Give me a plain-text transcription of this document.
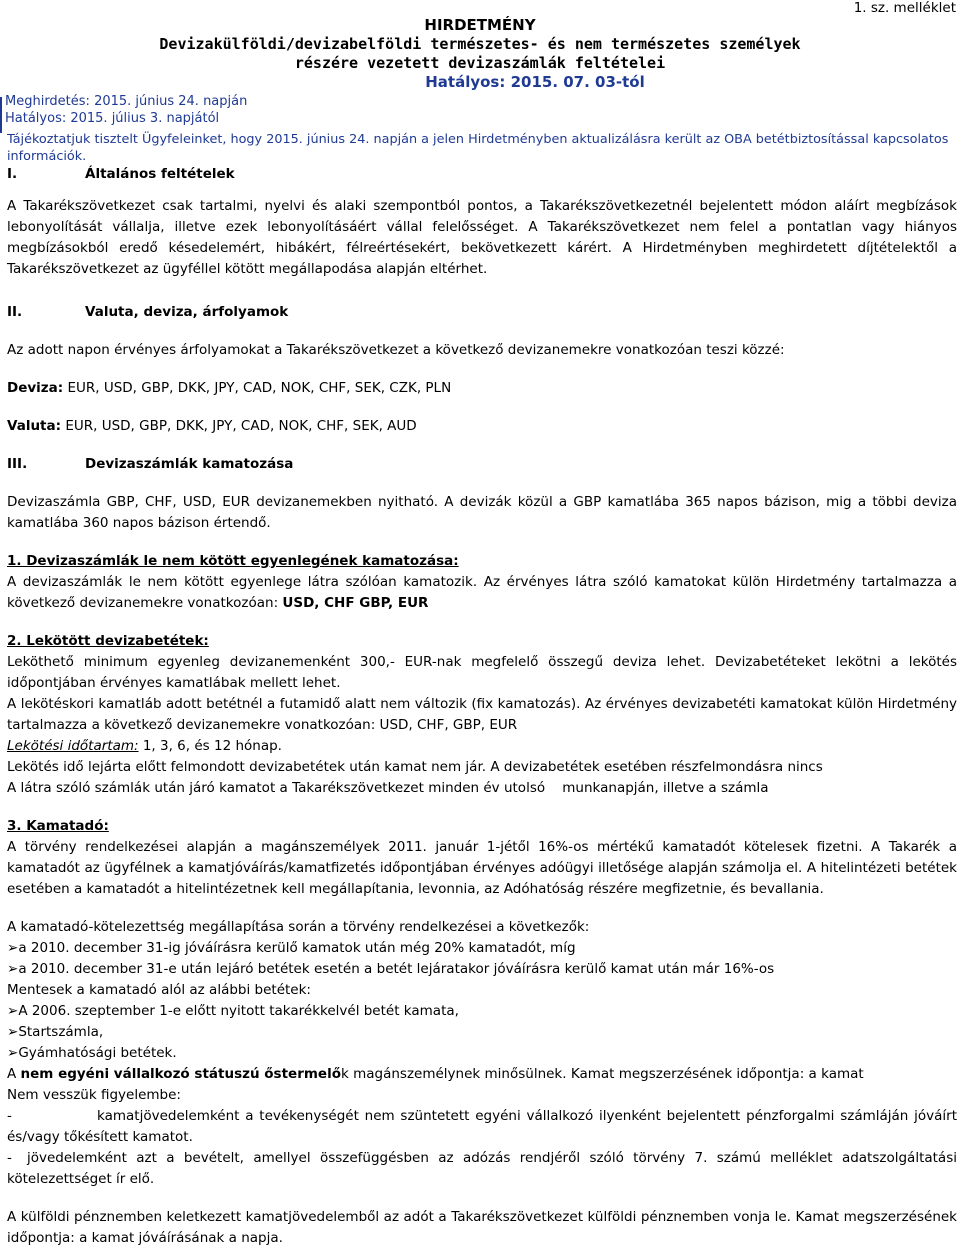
1. sz. melléklet
HIRDETMÉNY
Devizakülföldi/devizabelföldi természetes- és nem természetes személyek
részére vezetett devizaszámlák feltételei
Hatályos: 2015. 07. 03-tól
Meghirdetés: 2015. június 24. napján
Hatályos: 2015. július 3. napjától
Tájékoztatjuk tisztelt Ügyfeleinket, hogy 2015. június 24. napján a jelen Hirdetményben aktualizálásra került az OBA betétbiztosítással kapcsolatos információk.

I.	Általános feltételek

A Takarékszövetkezet csak tartalmi, nyelvi és alaki szempontból pontos, a Takarékszövetkezetnél bejelentett módon aláírt megbízások lebonyolítását vállalja, illetve ezek lebonyolításáért vállal felelősséget. A Takarékszövetkezet nem felel a pontatlan vagy hiányos megbízásokból eredő késedelemért, hibákért, félreértésekért, bekövetkezett kárért. A Hirdetményben meghirdetett díjtételektől a Takarékszövetkezet az ügyféllel kötött megállapodása alapján eltérhet.

II.	Valuta, deviza, árfolyamok

Az adott napon érvényes árfolyamokat a Takarékszövetkezet a következő devizanemekre vonatkozóan teszi közzé:

Deviza: EUR, USD, GBP, DKK, JPY, CAD, NOK, CHF, SEK, CZK, PLN

Valuta: EUR, USD, GBP, DKK, JPY, CAD, NOK, CHF, SEK, AUD

III.	Devizaszámlák kamatozása

Devizaszámla GBP, CHF, USD, EUR devizanemekben nyitható. A devizák közül a GBP kamatlába 365 napos bázison, mig a többi deviza kamatlába 360 napos bázison értendő.

1. Devizaszámlák le nem kötött egyenlegének kamatozása:

A devizaszámlák le nem kötött egyenlege látra szólóan kamatozik. Az érvényes látra szóló kamatokat külön Hirdetmény tartalmazza a következő devizanemekre vonatkozóan: USD, CHF GBP, EUR

2. Lekötött devizabetétek:

Leköthető minimum egyenleg devizanemenként 300,- EUR-nak megfelelő összegű deviza lehet. Devizabetéteket lekötni a lekötés időpontjában érvényes kamatlábak mellett lehet.

A lekötéskori kamatláb adott betétnél a futamidő alatt nem változik (fix kamatozás). Az érvényes devizabetéti kamatokat külön Hirdetmény tartalmazza a következő devizanemekre vonatkozóan: USD, CHF, GBP, EUR

Lekötési időtartam: 1, 3, 6, és 12 hónap.

Lekötés idő lejárta előtt felmondott devizabetétek után kamat nem jár. A devizabetétek esetében részfelmondásra nincs

A látra szóló számlák után járó kamatot a Takarékszövetkezet minden év utolsó    munkanapján, illetve a számla

3. Kamatadó:

A törvény rendelkezései alapján a magánszemélyek 2011. január 1-jétől 16%-os mértékű kamatadót kötelesek fizetni. A Takarék a kamatadót az ügyfélnek a kamatjóváírás/kamatfizetés időpontjában érvényes adóügyi illetősége alapján számolja el. A hitelintézeti betétek esetében a kamatadót a hitelintézetnek kell megállapítania, levonnia, az Adóhatóság részére megfizetnie, és bevallania.

A kamatadó-kötelezettség megállapítása során a törvény rendelkezései a következők:

➢a 2010. december 31-ig jóváírásra kerülő kamatok után még 20% kamatadót, míg

➢a 2010. december 31-e után lejáró betétek esetén a betét lejáratakor jóváírásra kerülő kamat után már 16%-os

Mentesek a kamatadó alól az alábbi betétek:

➢A 2006. szeptember 1-e előtt nyitott takarékkelvél betét kamata,

➢Startszámla,

➢Gyámhatósági betétek.

A nem egyéni vállalkozó státuszú őstermelők magánszemélynek minősülnek. Kamat megszerzésének időpontja: a kamat

Nem vesszük figyelembe:

-	kamatjövedelemként a tevékenységét nem szüntetett egyéni vállalkozó ilyenként bejelentett pénzforgalmi számláján jóváírt és/vagy tőkésített kamatot.

- jövedelemként azt a bevételt, amellyel összefüggésben az adózás rendjéről szóló törvény 7. számú melléklet adatszolgáltatási kötelezettséget ír elő.

A külföldi pénznemben keletkezett kamatjövedelemből az adót a Takarékszövetkezet külföldi pénznemben vonja le. Kamat megszerzésének időpontja: a kamat jóváírásának a napja.
